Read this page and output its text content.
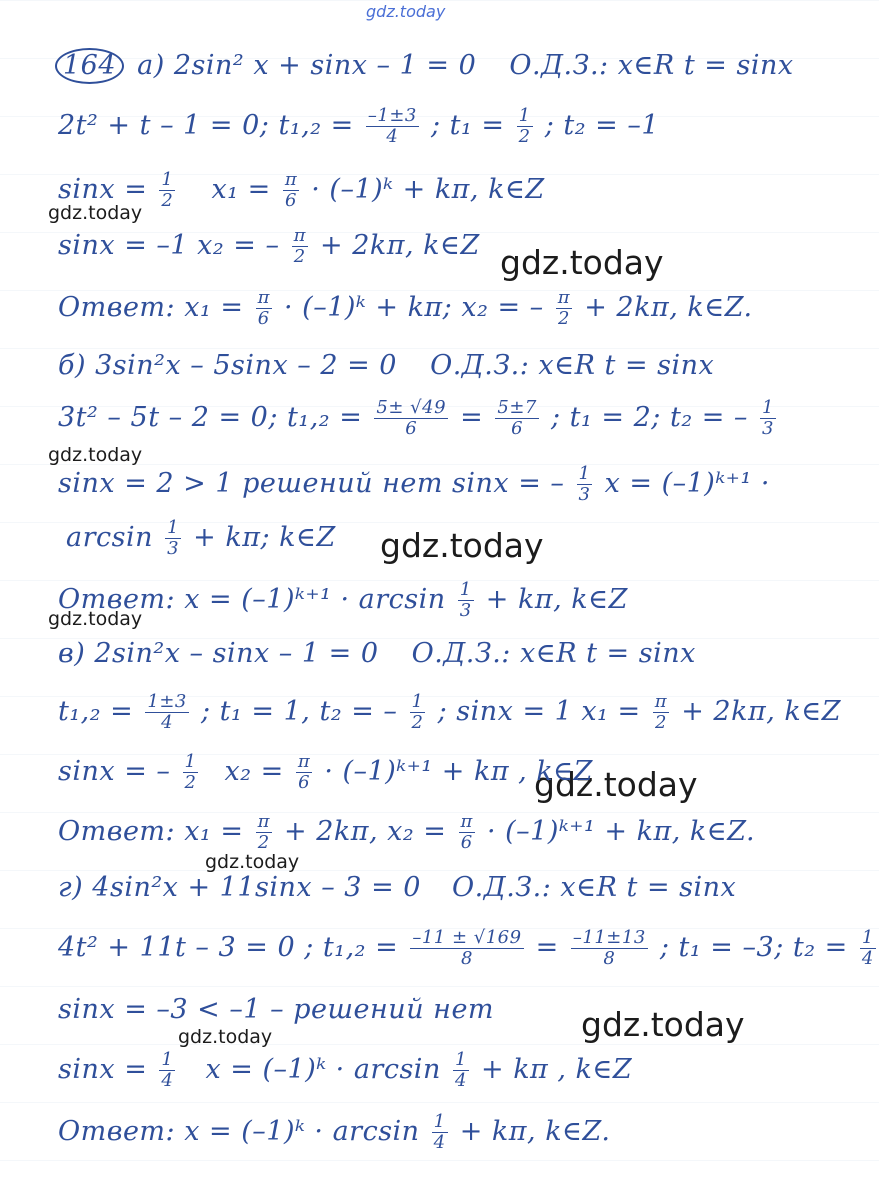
gdz.today
gdz.today
gdz.today
gdz.today
gdz.today
gdz.today
gdz.today
gdz.today
gdz.today
gdz.today
164 а) 2sin² x + sinx – 1 = 0 О.Д.З.: x∈R t = sinx
2t² + t – 1 = 0; $t_1,_2 = \frac{-1\pm 3}{4}$ ; $t_1 = \frac{1}{2}$ ; t₂ = –1
$\sin x = \frac{1}{2} x_1 = \frac{\pi}{6}$ · (–1)ᵏ + kπ, k∈Z
sinx = –1 x₂ = – $\frac{\pi}{2} + 2k\pi$, k∈Z
Ответ: $x_1 = \frac{\pi}{6}$ · (–1)ᵏ + kπ; x₂ = – $\frac{\pi}{2} + 2k\pi$, k∈Z.
б) 3sin²x – 5sinx – 2 = 0 О.Д.З.: x∈R t = sinx
3t² – 5t – 2 = 0; $t_1,_2 = \frac{5\pm √49}{6} = \frac{5\pm 7}{6}$ ; t₁ = 2; t₂ = – $\frac{1}{3}$
sinx = 2 > 1 решений нет sinx = – $\frac{1}{3}$ x = (–1)ᵏ⁺¹ ·
$\arcsin \frac{1}{3} + k\pi$; k∈Z
Ответ: x = (–1)ᵏ⁺¹ · $\arcsin \frac{1}{3} + k\pi$, k∈Z
в) 2sin²x – sinx – 1 = 0 О.Д.З.: x∈R t = sinx
$t_1,_2 = \frac{1\pm 3}{4}$ ; t₁ = 1, t₂ = – $\frac{1}{2}$ ; sinx = 1 $x_1 = \frac{\pi}{2} + 2k\pi$, k∈Z
sinx = – $\frac{1}{2} x_2 = \frac{\pi}{6}$ · (–1)ᵏ⁺¹ + kπ , k∈Z
Ответ: $x_1 = \frac{\pi}{2} + 2k\pi$, $x_2 = \frac{\pi}{6}$ · (–1)ᵏ⁺¹ + kπ, k∈Z.
г) 4sin²x + 11sinx – 3 = 0 О.Д.З.: x∈R t = sinx
4t² + 11t – 3 = 0 ; $t_1,_2 = \frac{-11 \pm √169}{8} = \frac{-11\pm 13}{8}$ ; t₁ = –3; $t_2 = \frac{1}{4}$
sinx = –3 < –1 – решений нет
$\sin x = \frac{1}{4}$ x = (–1)ᵏ · $\arcsin \frac{1}{4} + k\pi$ , k∈Z
Ответ: x = (–1)ᵏ · $\arcsin \frac{1}{4} + k\pi$, k∈Z.
